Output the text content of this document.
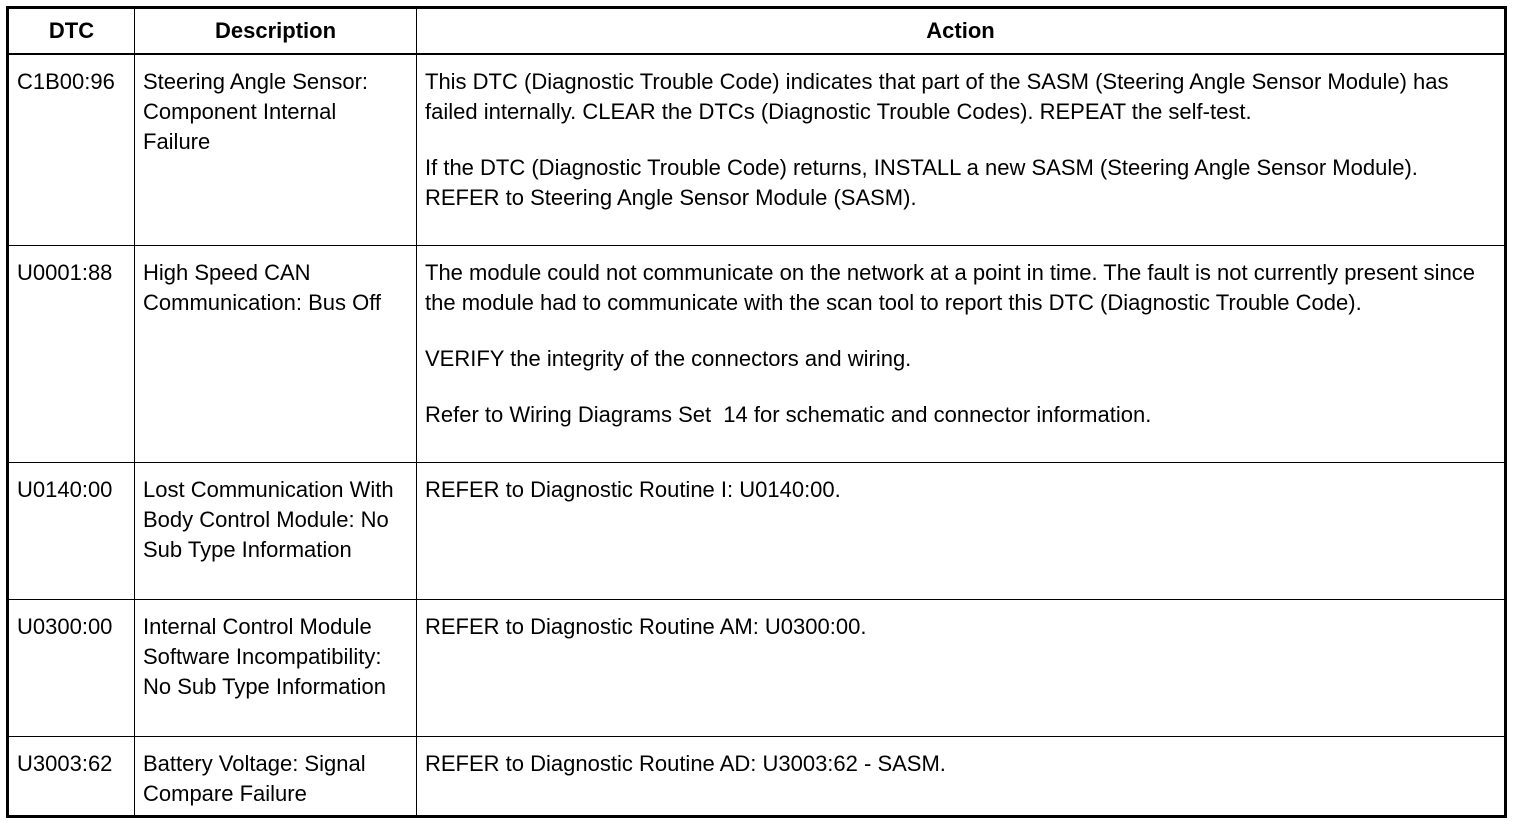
DTC	Description	Action

C1B00:96	Steering Angle Sensor: Component Internal Failure	This DTC (Diagnostic Trouble Code) indicates that part of the SASM (Steering Angle Sensor Module) has failed internally. CLEAR the DTCs (Diagnostic Trouble Codes). REPEAT the self-test.

If the DTC (Diagnostic Trouble Code) returns, INSTALL a new SASM (Steering Angle Sensor Module). REFER to Steering Angle Sensor Module (SASM).

U0001:88	High Speed CAN Communication: Bus Off	The module could not communicate on the network at a point in time. The fault is not currently present since the module had to communicate with the scan tool to report this DTC (Diagnostic Trouble Code).

VERIFY the integrity of the connectors and wiring.

Refer to Wiring Diagrams Set  14 for schematic and connector information.

U0140:00	Lost Communication With Body Control Module: No Sub Type Information	REFER to Diagnostic Routine I: U0140:00.

U0300:00	Internal Control Module Software Incompatibility: No Sub Type Information	REFER to Diagnostic Routine AM: U0300:00.

U3003:62	Battery Voltage: Signal Compare Failure	REFER to Diagnostic Routine AD: U3003:62 - SASM.
